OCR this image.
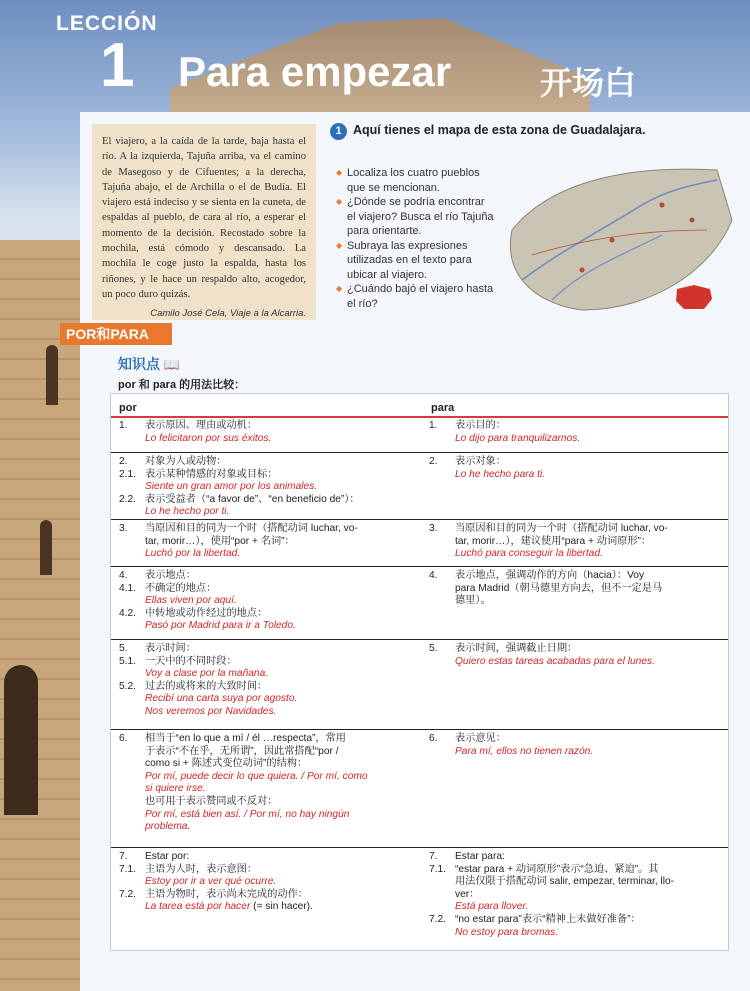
LECCIÓN
1 Para empezar	开场白
El viajero, a la caída de la tarde, baja hasta el río. A la izquierda, Tajuña arriba, va el camino de Masegoso y de Cifuentes; a la derecha, Tajuña abajo, el de Archilla o el de Budía. El viajero está indeciso y se sienta en la cuneta, de espaldas al pueblo, de cara al río, a esperar el momento de la decisión. Recostado sobre la mochila, está cómodo y descansado. La mochila le coge justo la espalda, hasta los riñones, y le hace un respaldo alto, acogedor, un poco duro quizás.
Camilo José Cela, Viaje a la Alcarria.
1 Aquí tienes el mapa de esta zona de Guadalajara.
◆ Localiza los cuatro pueblos que se mencionan.
◆ ¿Dónde se podría encontrar el viajero? Busca el río Tajuña para orientarte.
◆ Subraya las expresiones utilizadas en el texto para ubicar al viajero.
◆ ¿Cuándo bajó el viajero hasta el río?
POR和PARA
知识点 📖
por 和 para 的用法比较：
por	para
1. 表示原因、理由或动机：
Lo felicitaron por sus éxitos.
1. 表示目的：
Lo dijo para tranquilizarnos.
2. 对象为人或动物：
2.1. 表示某种情感的对象或目标：
Siente un gran amor por los animales.
2.2. 表示受益者（“a favor de”、“en beneficio de”）：
Lo he hecho por ti.
2. 表示对象：
Lo he hecho para ti.
3. 当原因和目的同为一个时（搭配动词 luchar, vo-
tar, morir…），使用“por + 名词”：
Luchó por la libertad.
3. 当原因和目的同为一个时（搭配动词 luchar, vo-
tar, morir…），建议使用“para + 动词原形”：
Luchó para conseguir la libertad.
4. 表示地点：
4.1. 不确定的地点：
Ellas viven por aquí.
4.2. 中转地或动作经过的地点：
Pasó por Madrid para ir a Toledo.
4. 表示地点，强调动作的方向（hacia）：Voy
para Madrid（朝马德里方向去，但不一定是马
德里）。
5. 表示时间：
5.1. 一天中的不同时段：
Voy a clase por la mañana.
5.2. 过去的或将来的大致时间：
Recibí una carta suya por agosto.
Nos veremos por Navidades.
5. 表示时间，强调截止日期：
Quiero estas tareas acabadas para el lunes.
6. 相当于“en lo que a mí / él …respecta”，常用
于表示“不在乎，无所谓”，因此常搭配“por /
como si + 陈述式变位动词”的结构：
Por mí, puede decir lo que quiera. / Por mí, como
si quiere irse.
也可用于表示赞同或不反对：
Por mí, está bien así. / Por mí, no hay ningún
problema.
6. 表示意见：
Para mí, ellos no tienen razón.
7. Estar por:
7.1. 主语为人时，表示意图：
Estoy por ir a ver qué ocurre.
7.2. 主语为物时，表示尚未完成的动作：
La tarea está por hacer (= sin hacer).
7. Estar para:
7.1. “estar para + 动词原形”表示“急迫、紧迫”。其
用法仅限于搭配动词 salir, empezar, terminar, llo-
ver：
Está para llover.
7.2. “no estar para”表示“精神上未做好准备”：
No estoy para bromas.
